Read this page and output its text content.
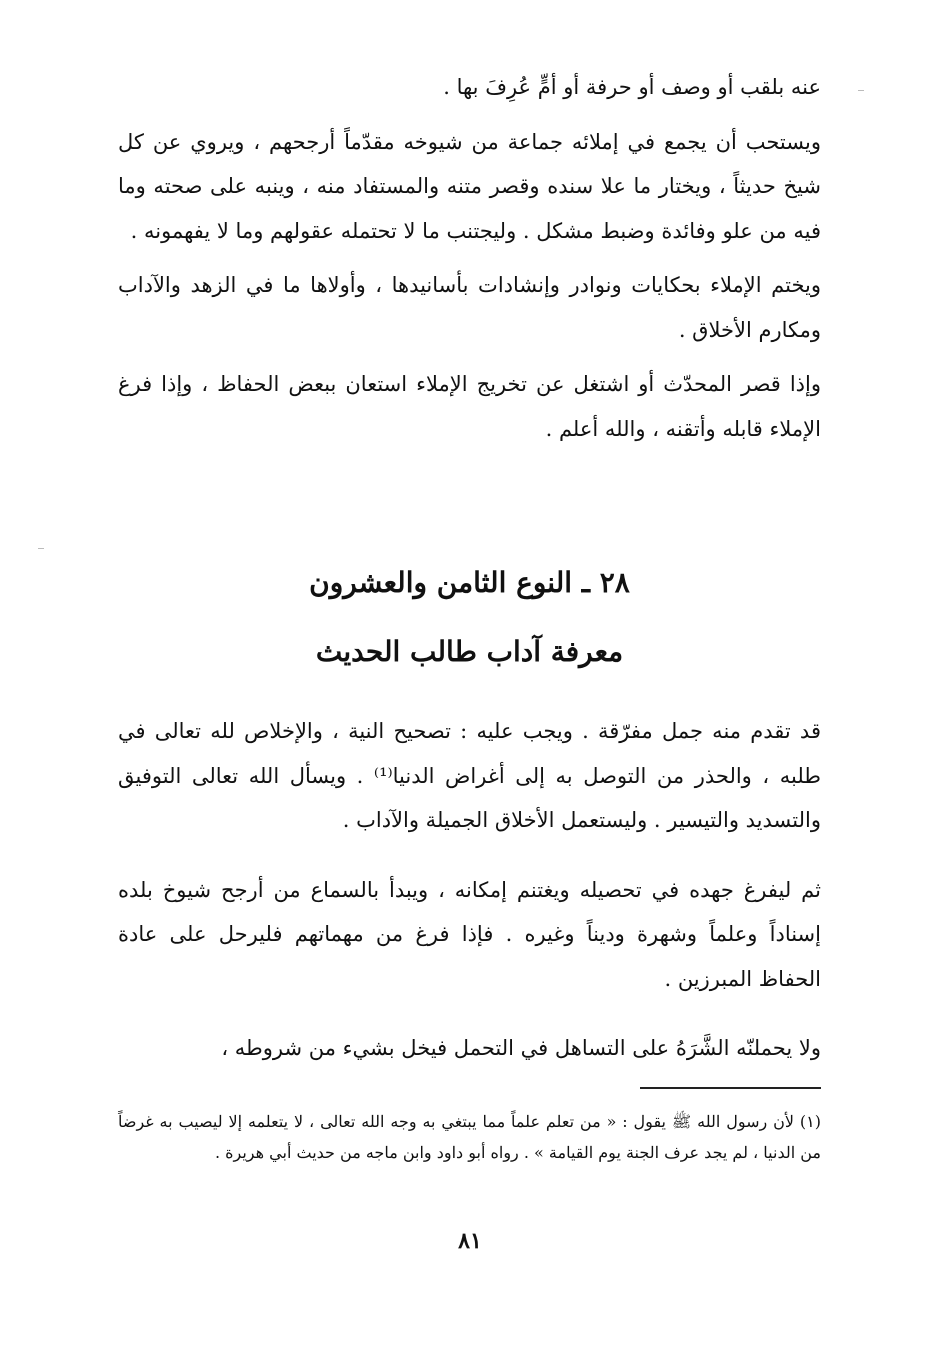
عنه بلقب أو وصف أو حرفة أو أمٍّ عُرِفَ بها .

ويستحب أن يجمع في إملائه جماعة من شيوخه مقدّماً أرجحهم ، ويروي عن كل شيخ حديثاً ، ويختار ما علا سنده وقصر متنه والمستفاد منه ، وينبه على صحته وما فيه من علو وفائدة وضبط مشكل . وليجتنب ما لا تحتمله عقولهم وما لا يفهمونه .

ويختم الإملاء بحكايات ونوادر وإنشادات بأسانيدها ، وأولاها ما في الزهد والآداب ومكارم الأخلاق .

وإذا قصر المحدّث أو اشتغل عن تخريج الإملاء استعان ببعض الحفاظ ، وإذا فرغ الإملاء قابله وأتقنه ، والله أعلم .

٢٨ ـ النوع الثامن والعشرون
معرفة آداب طالب الحديث

قد تقدم منه جمل مفرّقة . ويجب عليه : تصحيح النية ، والإخلاص لله تعالى في طلبه ، والحذر من التوصل به إلى أغراض الدنيا⁽¹⁾ . ويسأل الله تعالى التوفيق والتسديد والتيسير . وليستعمل الأخلاق الجميلة والآداب .

ثم ليفرغ جهده في تحصيله ويغتنم إمكانه ، ويبدأ بالسماع من أرجح شيوخ بلده إسناداً وعلماً وشهرة وديناً وغيره . فإذا فرغ من مهماتهم فليرحل على عادة الحفاظ المبرزين .

ولا يحملنّه الشَّرَهُ على التساهل في التحمل فيخل بشيء من شروطه ،

(١) لأن رسول الله ﷺ يقول : « من تعلم علماً مما يبتغي به وجه الله تعالى ، لا يتعلمه إلا ليصيب به غرضاً من الدنيا ، لم يجد عرف الجنة يوم القيامة » . رواه أبو داود وابن ماجه من حديث أبي هريرة .

٨١
